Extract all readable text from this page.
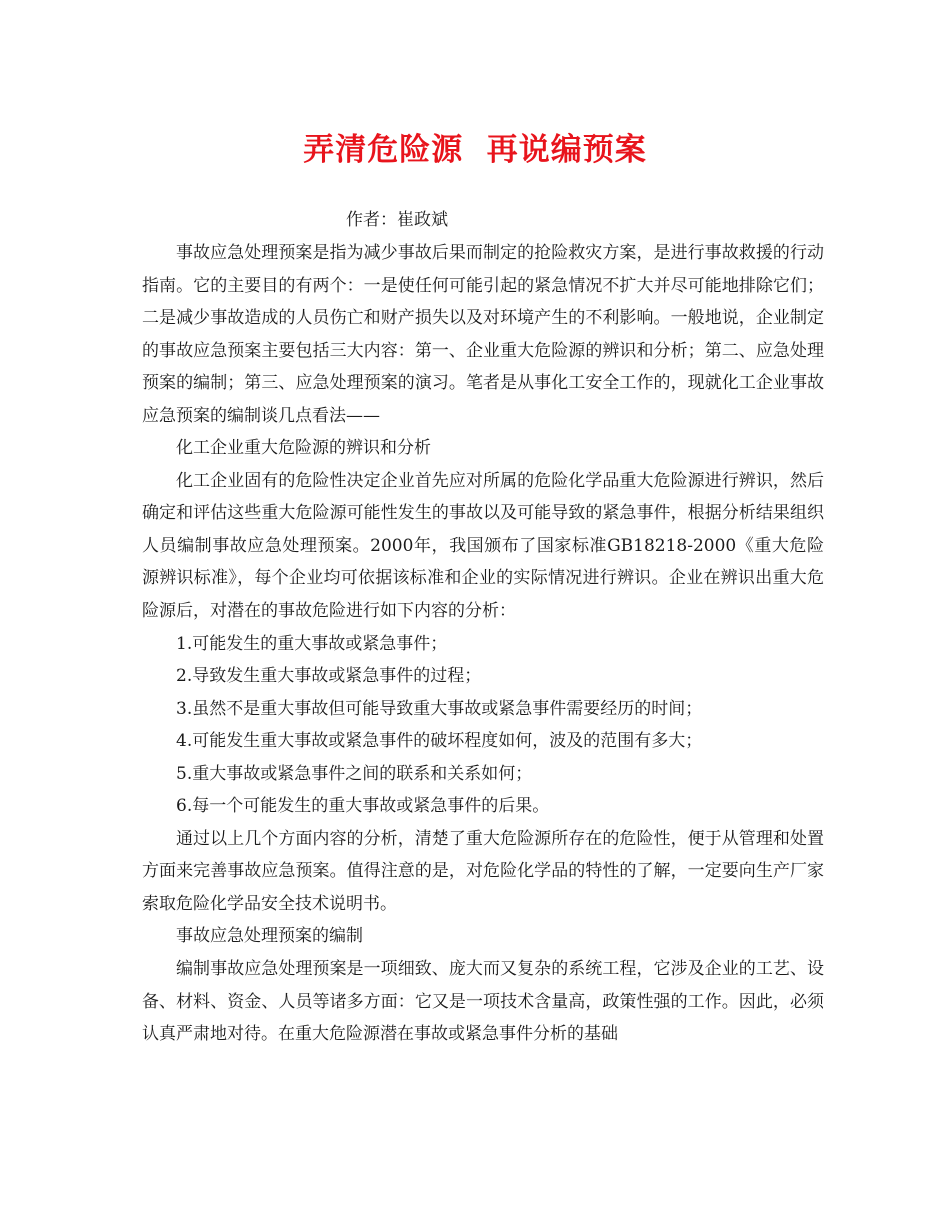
弄清危险源  再说编预案
作者：崔政斌

事故应急处理预案是指为减少事故后果而制定的抢险救灾方案，是进行事故救援的行动指南。它的主要目的有两个：一是使任何可能引起的紧急情况不扩大并尽可能地排除它们；二是减少事故造成的人员伤亡和财产损失以及对环境产生的不利影响。一般地说，企业制定的事故应急预案主要包括三大内容：第一、企业重大危险源的辨识和分析；第二、应急处理预案的编制；第三、应急处理预案的演习。笔者是从事化工安全工作的，现就化工企业事故应急预案的编制谈几点看法——

化工企业重大危险源的辨识和分析

化工企业固有的危险性决定企业首先应对所属的危险化学品重大危险源进行辨识，然后确定和评估这些重大危险源可能性发生的事故以及可能导致的紧急事件，根据分析结果组织人员编制事故应急处理预案。2000年，我国颁布了国家标准GB18218-2000《重大危险源辨识标准》，每个企业均可依据该标准和企业的实际情况进行辨识。企业在辨识出重大危险源后，对潜在的事故危险进行如下内容的分析：

1.可能发生的重大事故或紧急事件；

2.导致发生重大事故或紧急事件的过程；

3.虽然不是重大事故但可能导致重大事故或紧急事件需要经历的时间；

4.可能发生重大事故或紧急事件的破坏程度如何，波及的范围有多大；

5.重大事故或紧急事件之间的联系和关系如何；

6.每一个可能发生的重大事故或紧急事件的后果。

通过以上几个方面内容的分析，清楚了重大危险源所存在的危险性，便于从管理和处置方面来完善事故应急预案。值得注意的是，对危险化学品的特性的了解，一定要向生产厂家索取危险化学品安全技术说明书。

事故应急处理预案的编制

编制事故应急处理预案是一项细致、庞大而又复杂的系统工程，它涉及企业的工艺、设备、材料、资金、人员等诸多方面：它又是一项技术含量高，政策性强的工作。因此，必须认真严肃地对待。在重大危险源潜在事故或紧急事件分析的基础
